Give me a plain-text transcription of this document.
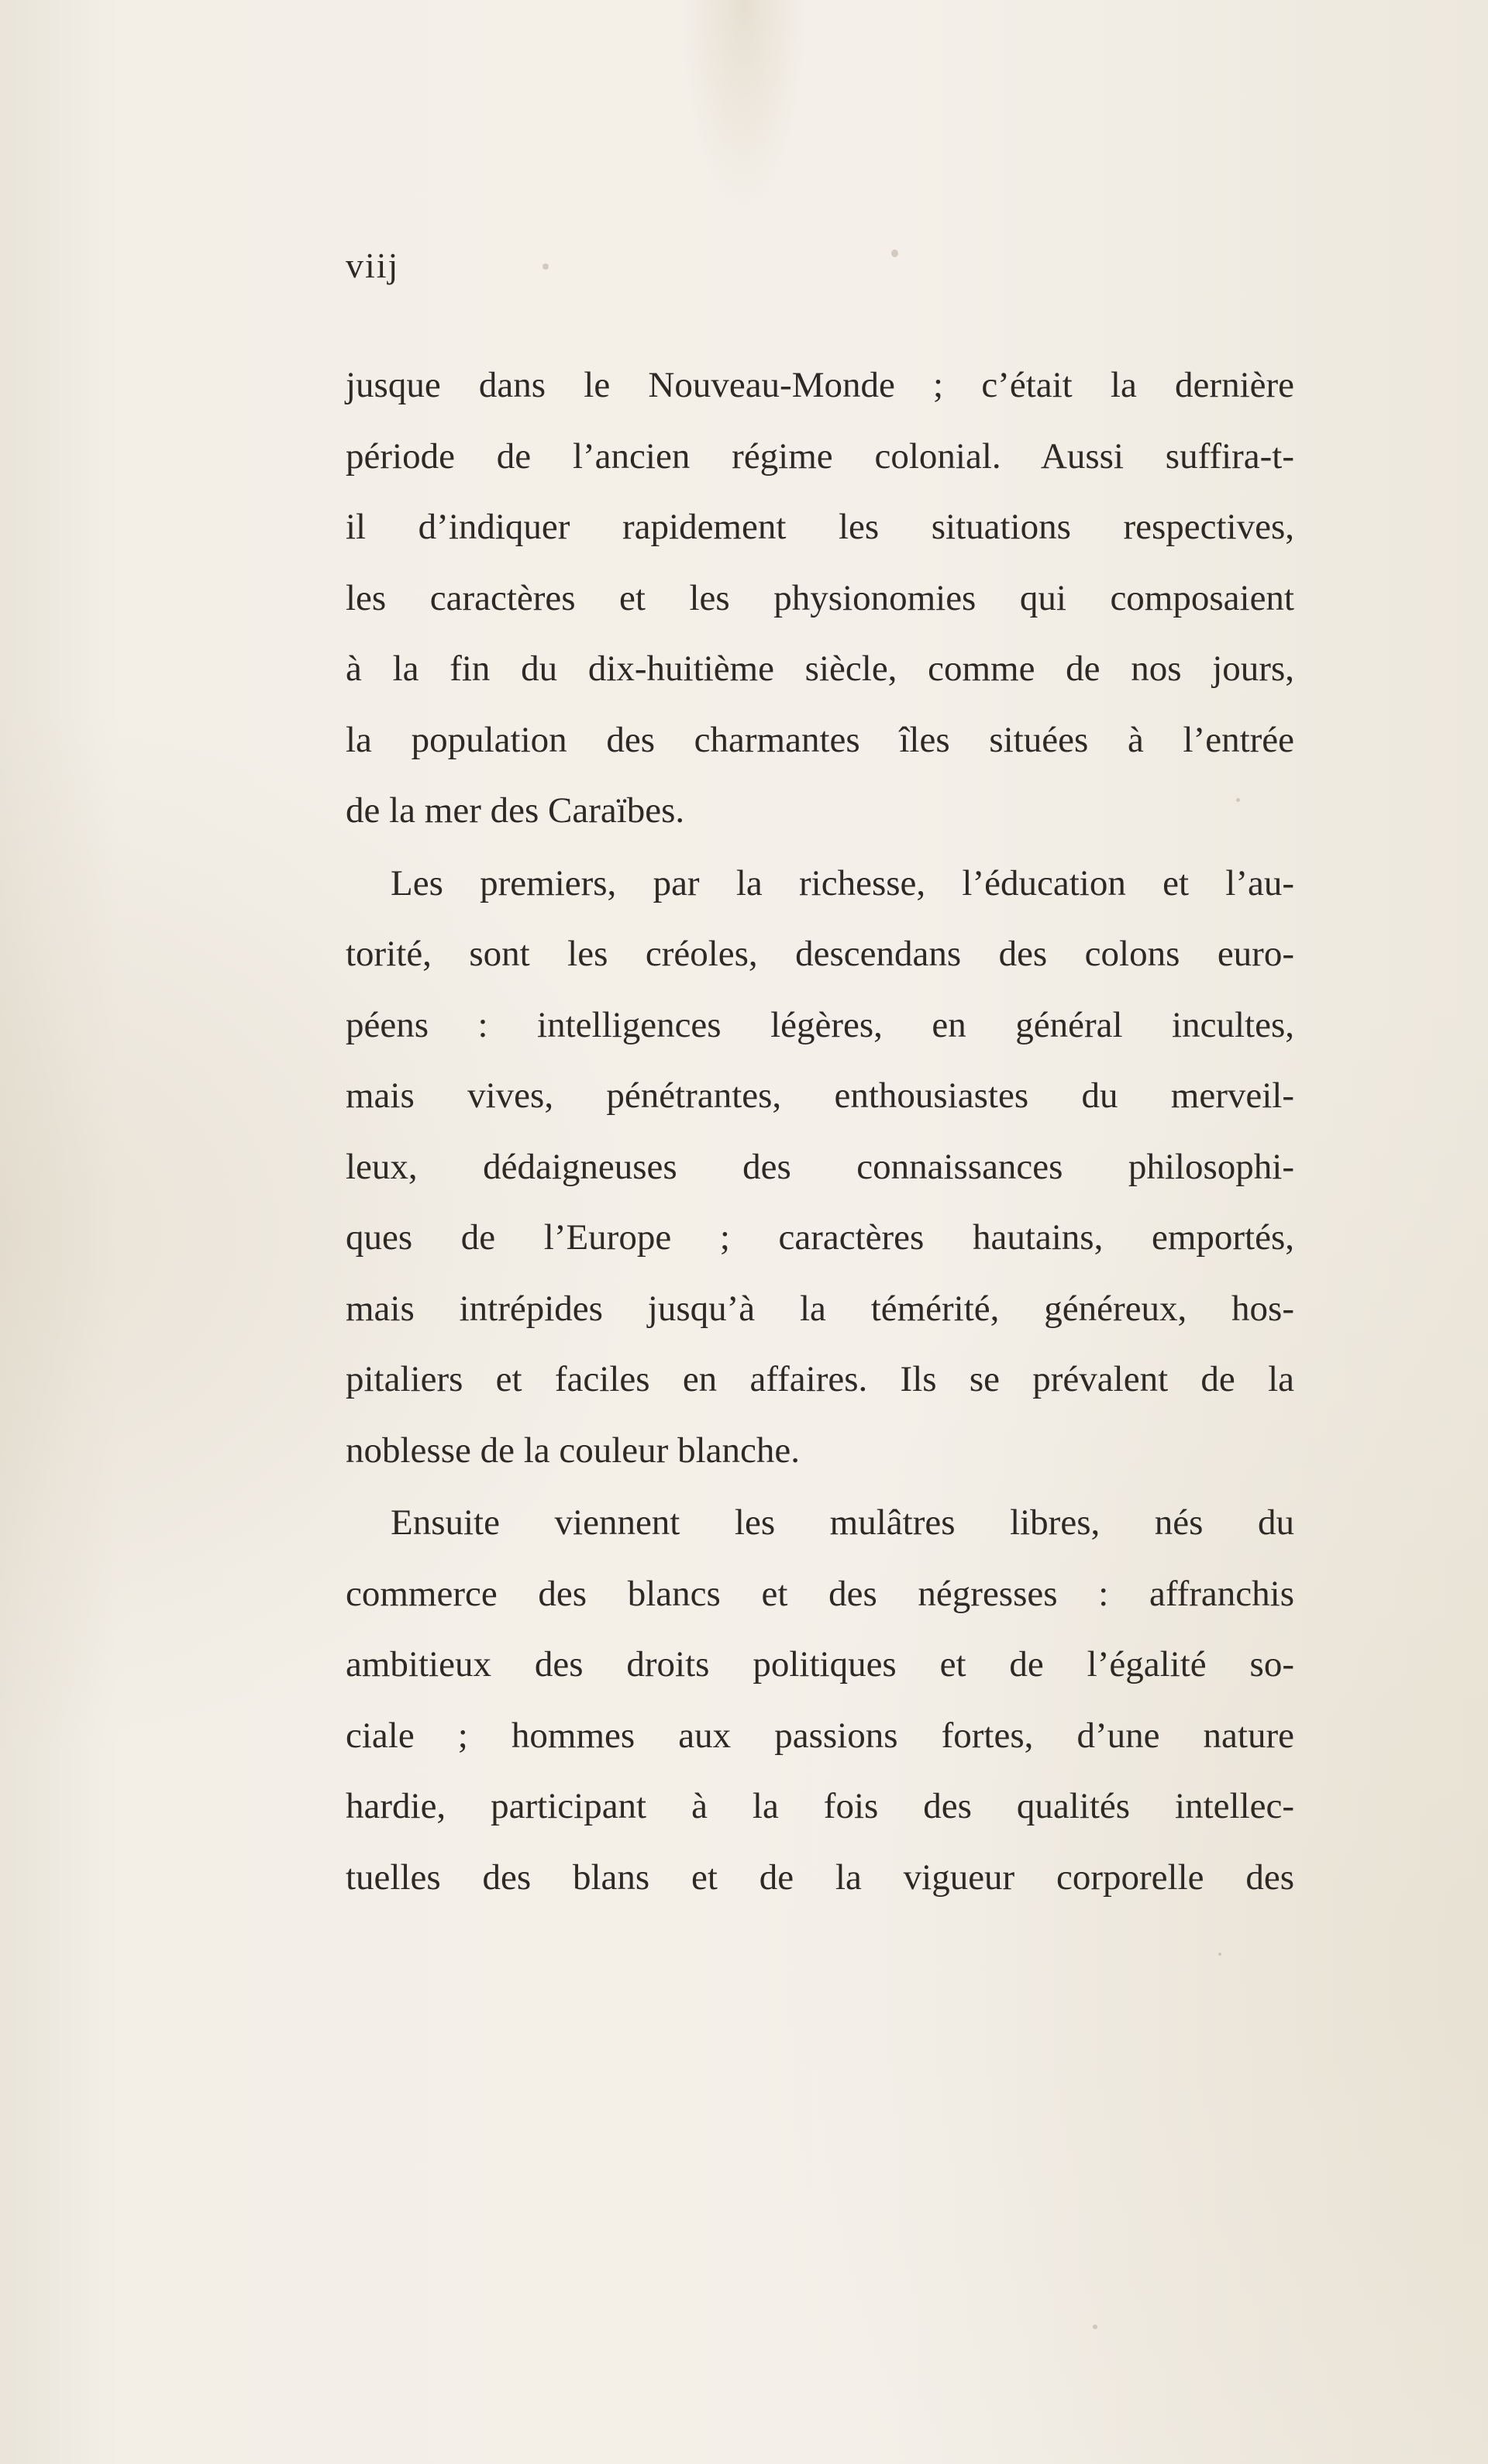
viij

jusque dans le Nouveau-Monde ; c’était la dernière
période de l’ancien régime colonial. Aussi suffira-t-
il d’indiquer rapidement les situations respectives,
les caractères et les physionomies qui composaient
à la fin du dix-huitième siècle, comme de nos jours,
la population des charmantes îles situées à l’entrée
de la mer des Caraïbes.
Les premiers, par la richesse, l’éducation et l’au-
torité, sont les créoles, descendans des colons euro-
péens : intelligences légères, en général incultes,
mais vives, pénétrantes, enthousiastes du merveil-
leux, dédaigneuses des connaissances philosophi-
ques de l’Europe ; caractères hautains, emportés,
mais intrépides jusqu’à la témérité, généreux, hos-
pitaliers et faciles en affaires. Ils se prévalent de la
noblesse de la couleur blanche.
Ensuite viennent les mulâtres libres, nés du
commerce des blancs et des négresses : affranchis
ambitieux des droits politiques et de l’égalité so-
ciale ; hommes aux passions fortes, d’une nature
hardie, participant à la fois des qualités intellec-
tuelles des blans et de la vigueur corporelle des
